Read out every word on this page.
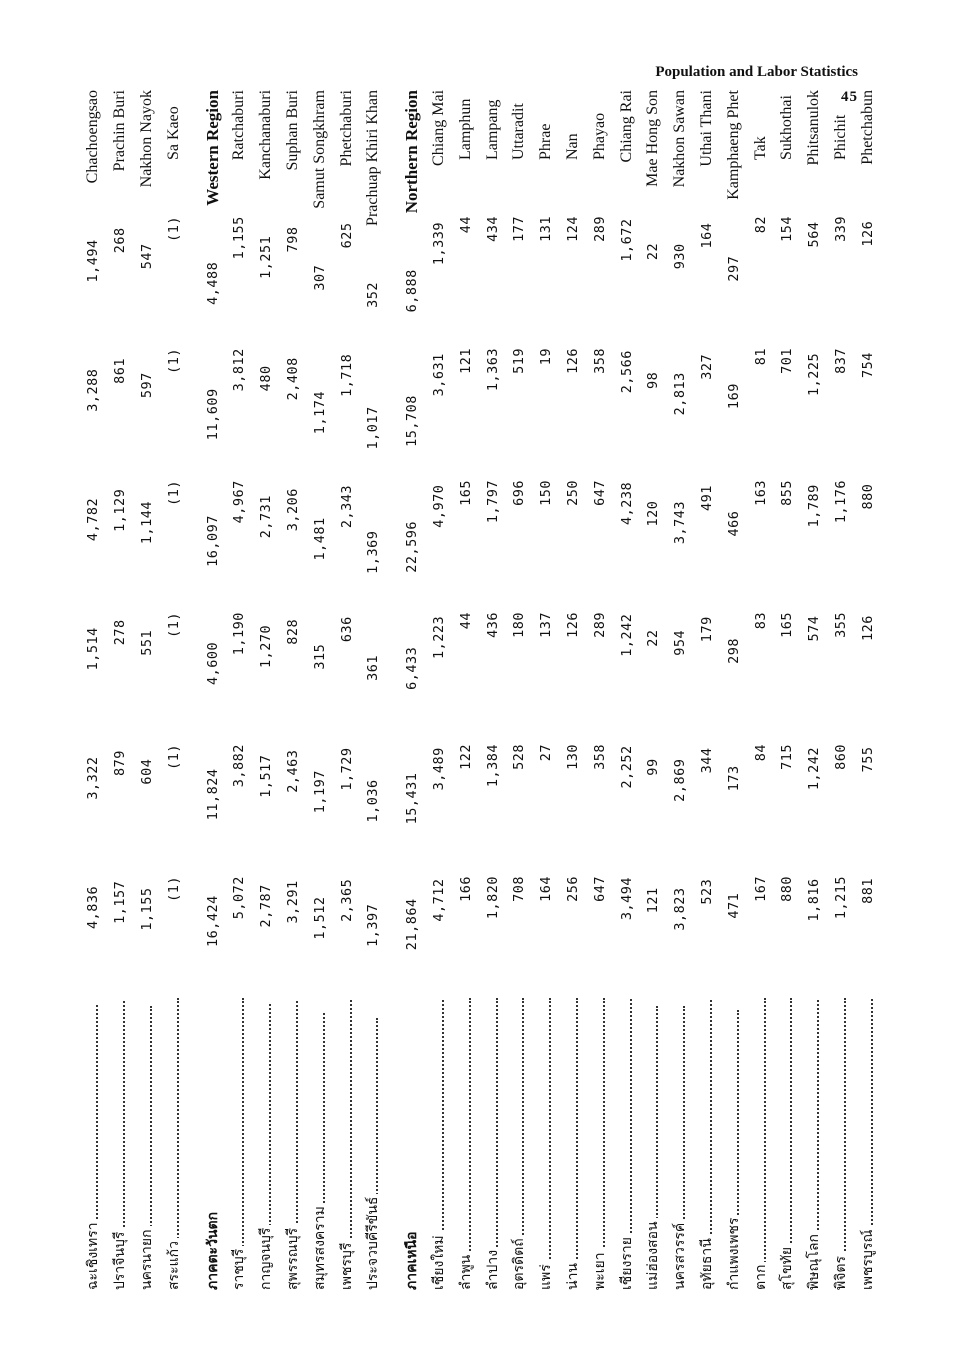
Population and Labor Statistics
45
ฉะเชิงเทรา
4,836
3,322
1,514
4,782
3,288
1,494
Chachoengsao
ปราจีนบุรี
1,157
879
278
1,129
861
268
Prachin Buri
นครนายก
1,155
604
551
1,144
597
547
Nakhon Nayok
สระแก้ว
(1)
(1)
(1)
(1)
(1)
(1)
Sa Kaeo
ภาคตะวันตก
16,424
11,824
4,600
16,097
11,609
4,488
Western Region
ราชบุรี
5,072
3,882
1,190
4,967
3,812
1,155
Ratchaburi
กาญจนบุรี
2,787
1,517
1,270
2,731
480
1,251
Kanchanaburi
สุพรรณบุรี
3,291
2,463
828
3,206
2,408
798
Suphan Buri
สมุทรสงคราม
1,512
1,197
315
1,481
1,174
307
Samut Songkhram
เพชรบุรี
2,365
1,729
636
2,343
1,718
625
Phetchaburi
ประจวบคีรีขันธ์
1,397
1,036
361
1,369
1,017
352
Prachuap Khiri Khan
ภาคเหนือ
21,864
15,431
6,433
22,596
15,708
6,888
Northern Region
เชียงใหม่
4,712
3,489
1,223
4,970
3,631
1,339
Chiang Mai
ลำพูน
166
122
44
165
121
44
Lamphun
ลำปาง
1,820
1,384
436
1,797
1,363
434
Lampang
อุตรดิตถ์
708
528
180
696
519
177
Uttaradit
แพร่
164
27
137
150
19
131
Phrae
น่าน
256
130
126
250
126
124
Nan
พะเยา
647
358
289
647
358
289
Phayao
เชียงราย
3,494
2,252
1,242
4,238
2,566
1,672
Chiang Rai
แม่ฮ่องสอน
121
99
22
120
98
22
Mae Hong Son
นครสวรรค์
3,823
2,869
954
3,743
2,813
930
Nakhon Sawan
อุทัยธานี
523
344
179
491
327
164
Uthai Thani
กำแพงเพชร
471
173
298
466
169
297
Kamphaeng Phet
ตาก
167
84
83
163
81
82
Tak
สุโขทัย
880
715
165
855
701
154
Sukhothai
พิษณุโลก
1,816
1,242
574
1,789
1,225
564
Phitsanulok
พิจิตร
1,215
860
355
1,176
837
339
Phichit
เพชรบูรณ์
881
755
126
880
754
126
Phetchabun
